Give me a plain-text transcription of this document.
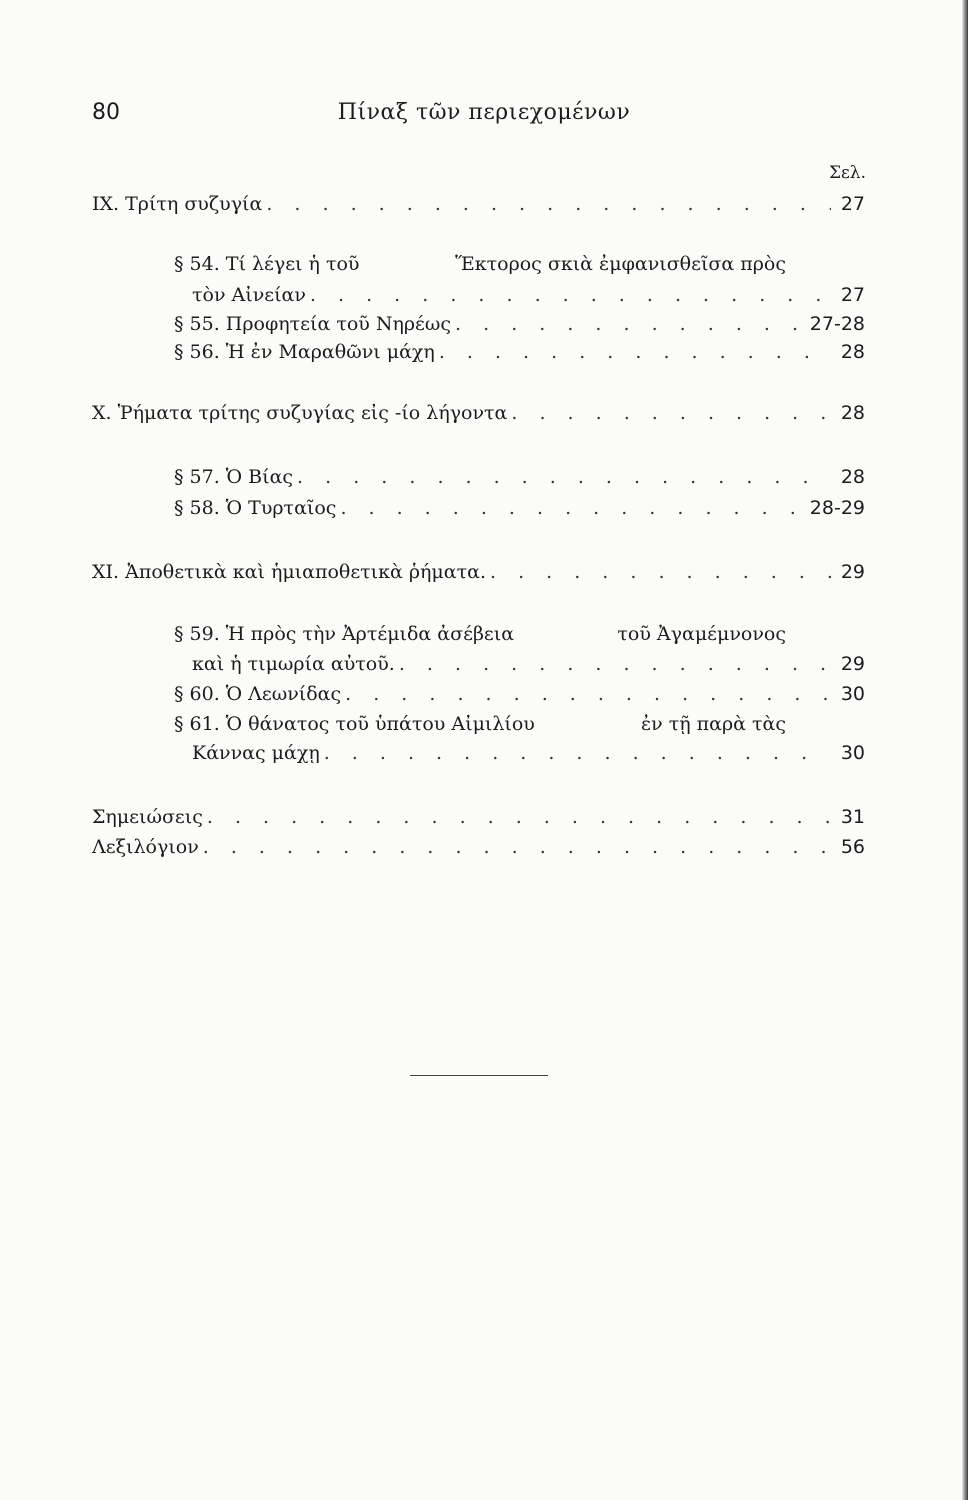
80	Πίναξ τῶν περιεχομένων
Σελ.
IX. Τρίτη συζυγία . . .	27
§ 54. Τί λέγει ἡ τοῦ	Ἕκτορος σκιὰ ἐμφανισθεῖσα πρὸς
τὸν Αἰνείαν . . .	27
§ 55. Προφητεία τοῦ Νηρέως . . .	27-28
§ 56. Ἡ ἐν Μαραθῶνι μάχη . . .	28
X. Ῥήματα τρίτης συζυγίας εἰς -ίο λήγοντα . . .	28
§ 57. Ὁ Βίας . . .	28
§ 58. Ὁ Τυρταῖος . . .	28-29
XI. Ἀποθετικὰ καὶ ἡμιαποθετικὰ ῥήματα. . . .	29
§ 59. Ἡ πρὸς τὴν Ἀρτέμιδα ἀσέβεια	τοῦ Ἀγαμέμνονος
καὶ ἡ τιμωρία αὐτοῦ. . . .	29
§ 60. Ὁ Λεωνίδας . . .	30
§ 61. Ὁ θάνατος τοῦ ὑπάτου Αἰμιλίου	ἐν τῇ παρὰ τὰς
Κάννας μάχῃ . . .	30
Σημειώσεις . . .	31
Λεξιλόγιον . . .	56
